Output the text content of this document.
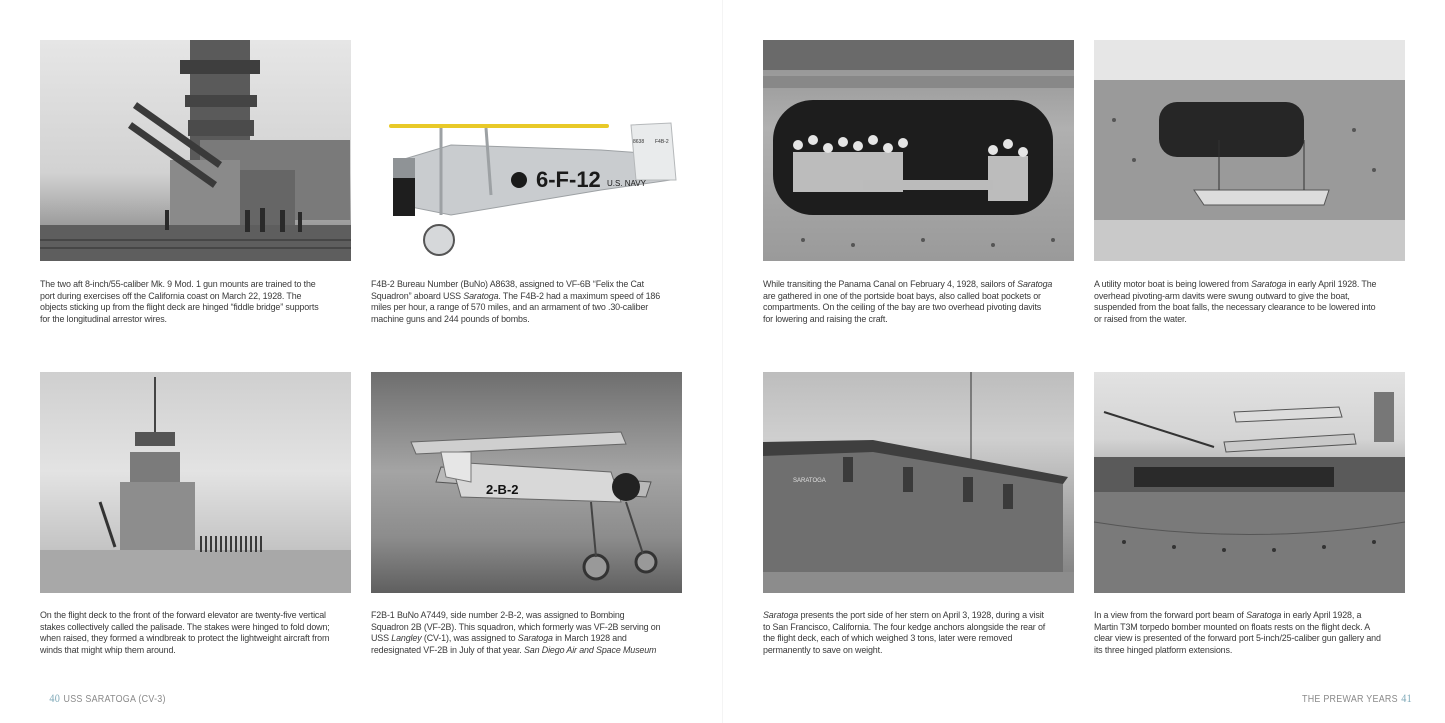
The two aft 8-inch/55-caliber Mk. 9 Mod. 1 gun mounts are trained to the port during exercises off the California coast on March 22, 1928. The objects sticking up from the flight deck are hinged “fiddle bridge” supports for the longitudinal arrestor wires.
6-F-12 U.S. NAVY
8638 F4B-2
F4B-2 Bureau Number (BuNo) A8638, assigned to VF-6B “Felix the Cat Squadron” aboard USS Saratoga. The F4B-2 had a maximum speed of 186 miles per hour, a range of 570 miles, and an armament of two .30-caliber machine guns and 244 pounds of bombs.
On the flight deck to the front of the forward elevator are twenty-five vertical stakes collectively called the palisade. The stakes were hinged to fold down; when raised, they formed a windbreak to protect the lightweight aircraft from winds that might whip them around.
2-B-2
F2B-1 BuNo A7449, side number 2-B-2, was assigned to Bombing Squadron 2B (VF-2B). This squadron, which formerly was VF-2B serving on USS Langley (CV-1), was assigned to Saratoga in March 1928 and redesignated VF-2B in July of that year. San Diego Air and Space Museum
40 USS SARATOGA (CV-3)
While transiting the Panama Canal on February 4, 1928, sailors of Saratoga are gathered in one of the portside boat bays, also called boat pockets or compartments. On the ceiling of the bay are two overhead pivoting davits for lowering and raising the craft.
A utility motor boat is being lowered from Saratoga in early April 1928. The overhead pivoting-arm davits were swung outward to give the boat, suspended from the boat falls, the necessary clearance to be lowered into or raised from the water.
SARATOGA
Saratoga presents the port side of her stern on April 3, 1928, during a visit to San Francisco, California. The four kedge anchors alongside the rear of the flight deck, each of which weighed 3 tons, later were removed permanently to save on weight.
In a view from the forward port beam of Saratoga in early April 1928, a Martin T3M torpedo bomber mounted on floats rests on the flight deck. A clear view is presented of the forward port 5-inch/25-caliber gun gallery and its three hinged platform extensions.
THE PREWAR YEARS 41
